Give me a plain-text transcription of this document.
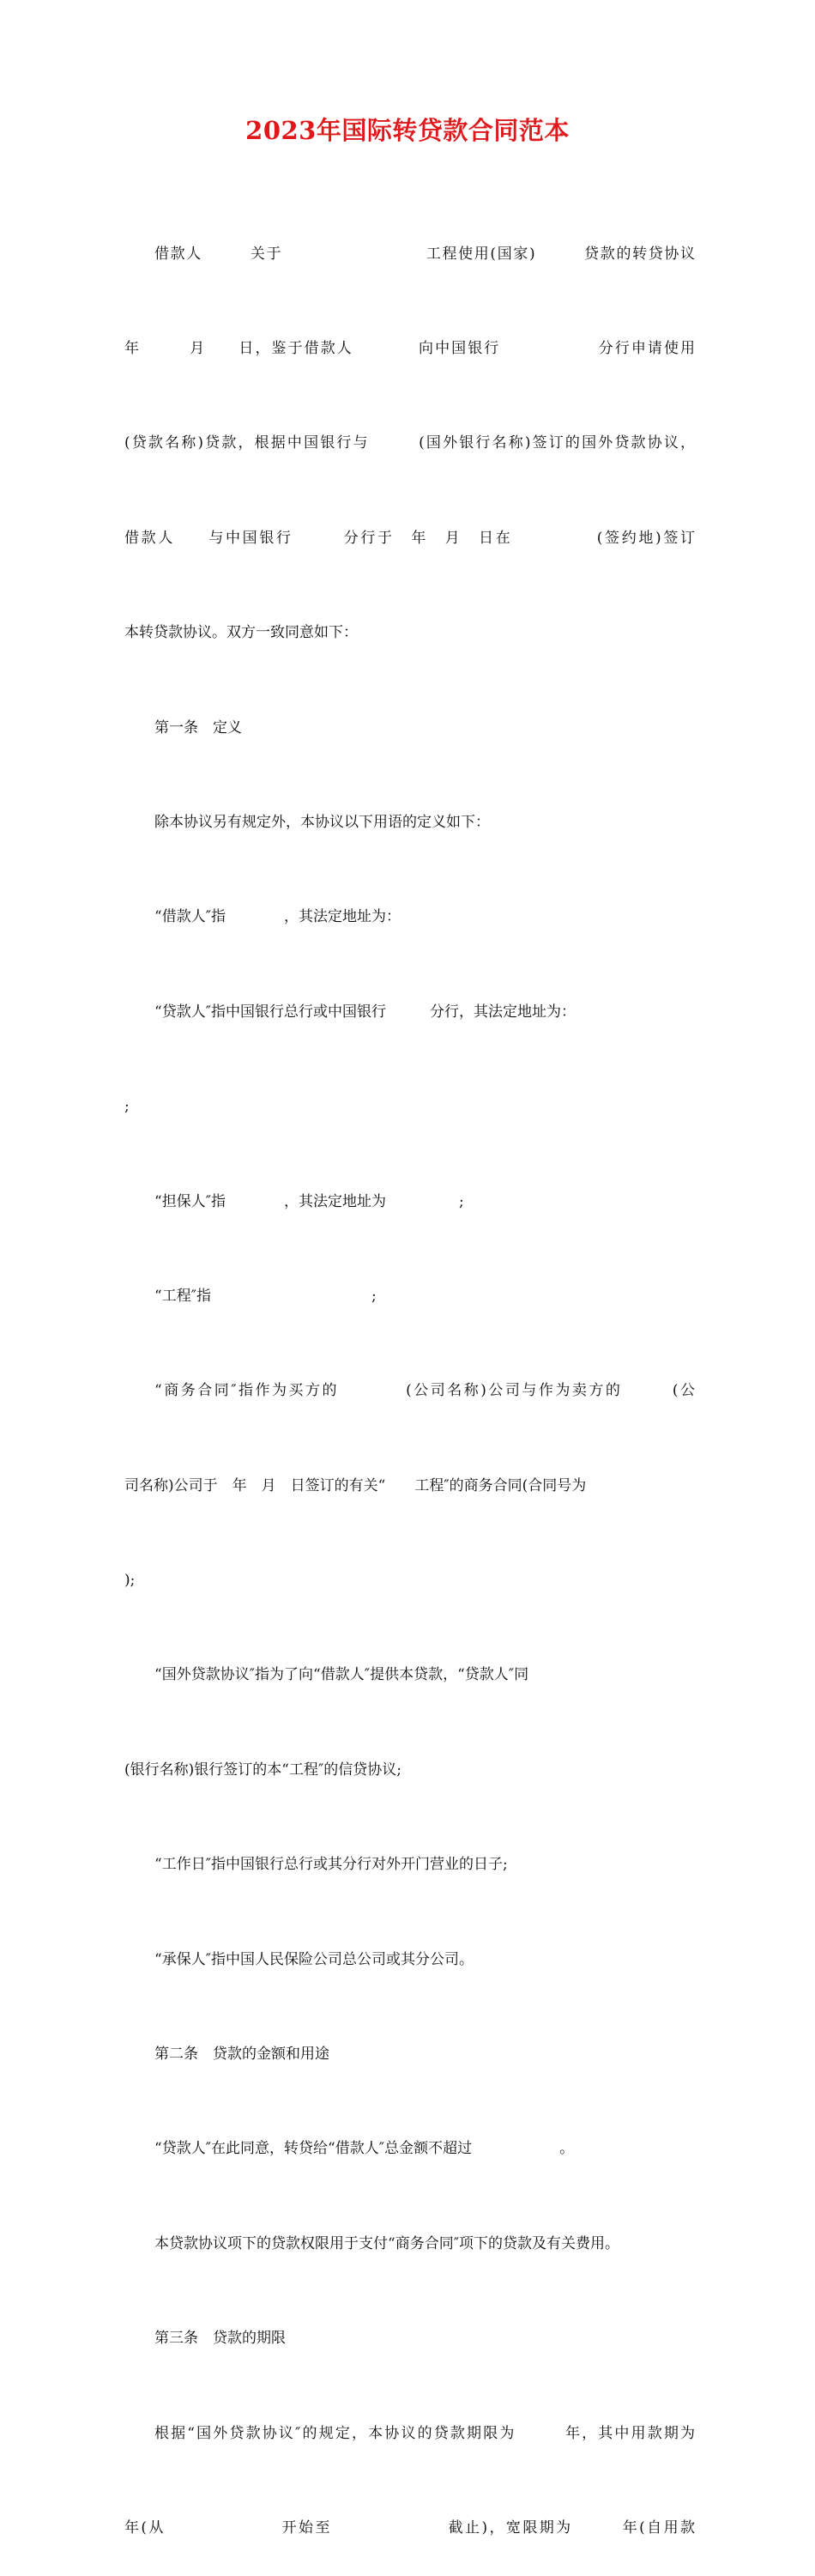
2023年国际转贷款合同范本

借款人　　　关于　　　　　　　　　工程使用(国家)　　　贷款的转贷协议

年　　　月　　日，鉴于借款人　　　　向中国银行　　　　　　分行申请使用

(贷款名称)贷款，根据中国银行与　　　(国外银行名称)签订的国外贷款协议，

借款人　　与中国银行　　　分行于　年　月　日在　　　　　(签约地)签订

本转贷款协议。双方一致同意如下：

第一条　定义

除本协议另有规定外，本协议以下用语的定义如下：

“借款人″指　　　　，其法定地址为：

“贷款人″指中国银行总行或中国银行　　　分行，其法定地址为：

;

“担保人″指　　　　，其法定地址为　　　　　;

“工程″指　　　　　　　　　　　;

“商务合同″指作为买方的　　　　(公司名称)公司与作为卖方的　　　(公

司名称)公司于　年　月　日签订的有关“　　工程″的商务合同(合同号为

);

“国外贷款协议″指为了向“借款人″提供本贷款，“贷款人″同

(银行名称)银行签订的本“工程″的信贷协议;

“工作日″指中国银行总行或其分行对外开门营业的日子;

“承保人″指中国人民保险公司总公司或其分公司。

第二条　贷款的金额和用途

“贷款人″在此同意，转贷给“借款人″总金额不超过　　　　　　。

本贷款协议项下的贷款权限用于支付“商务合同″项下的贷款及有关费用。

第三条　贷款的期限

根据“国外贷款协议″的规定，本协议的贷款期限为　　　年，其中用款期为

年(从　　　　　　　开始至　　　　　　　截止)，宽限期为　　　年(自用款
